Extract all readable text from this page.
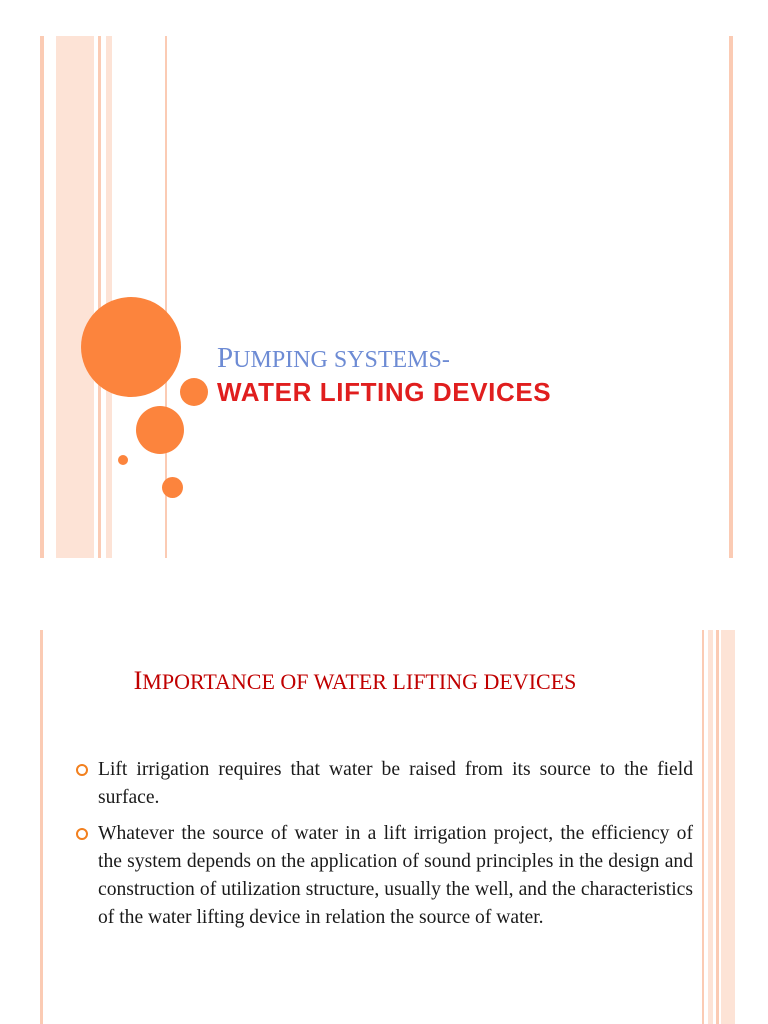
PUMPING SYSTEMS-
WATER LIFTING DEVICES
IMPORTANCE OF WATER LIFTING DEVICES
Lift irrigation requires that water be raised from its source to the field surface.
Whatever the source of water in a lift irrigation project, the efficiency of the system depends on the application of sound principles in the design and construction of utilization structure, usually the well, and the characteristics of the water lifting device in relation the source of water.
